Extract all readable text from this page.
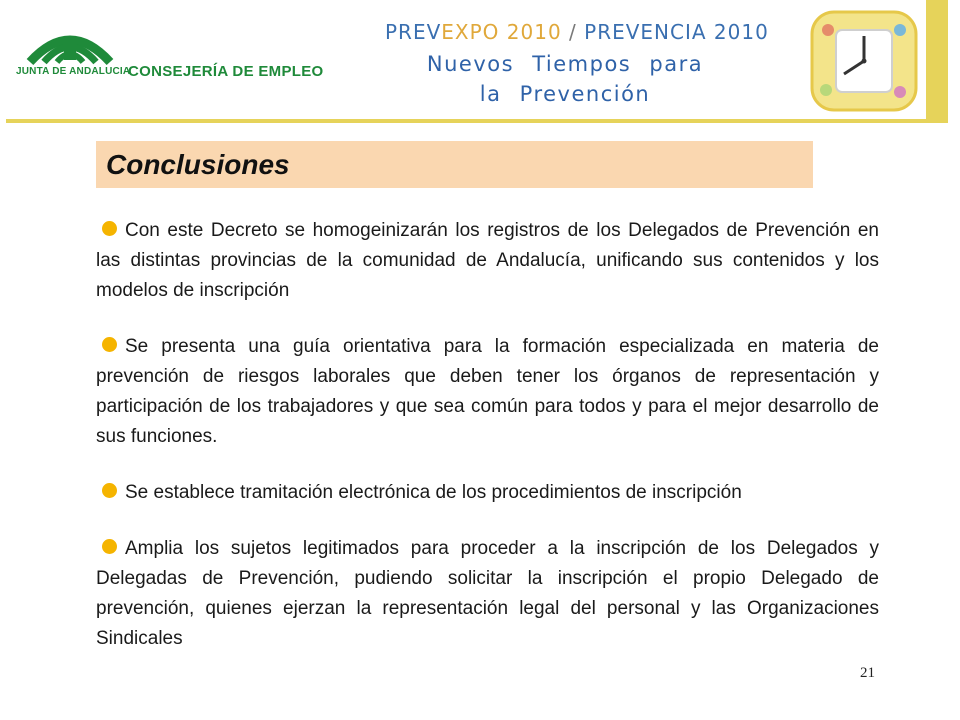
JUNTA DE ANDALUCIA
CONSEJERÍA DE EMPLEO
PREVEXPO 2010 / PREVENCIA 2010
Nuevos Tiempos para
la Prevención
Conclusiones

Con este Decreto se homogeinizarán los registros de los Delegados de Prevención en las distintas provincias de la comunidad de Andalucía, unificando sus contenidos y los modelos de inscripción

Se presenta una guía orientativa para la formación especializada en materia de prevención de riesgos laborales que deben tener los órganos de representación y participación de los trabajadores y que sea común para todos y para el mejor desarrollo de sus funciones.

Se establece tramitación electrónica de los procedimientos de inscripción

Amplia los sujetos legitimados para proceder a la inscripción de los Delegados y Delegadas de Prevención, pudiendo solicitar la inscripción el propio Delegado de prevención, quienes ejerzan la representación legal del personal y las Organizaciones Sindicales

21
